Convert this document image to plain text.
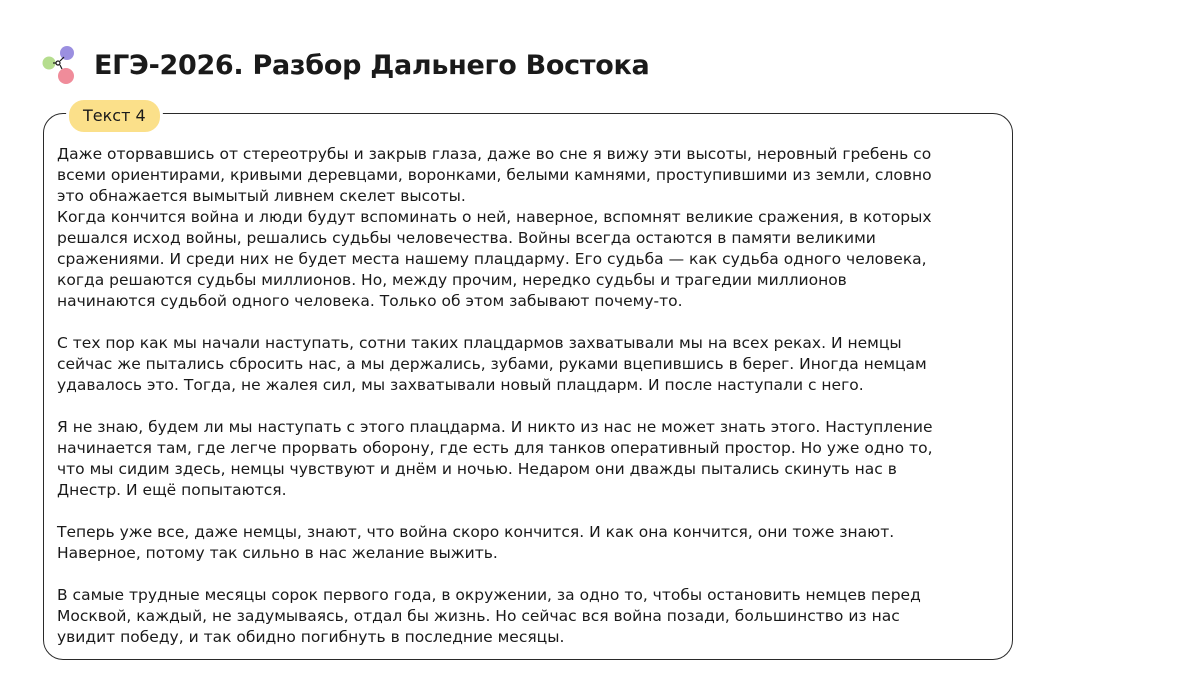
ЕГЭ-2026. Разбор Дальнего Востока
Текст 4

Даже оторвавшись от стереотрубы и закрыв глаза, даже во сне я вижу эти высоты, неровный гребень со
всеми ориентирами, кривыми деревцами, воронками, белыми камнями, проступившими из земли, словно
это обнажается вымытый ливнем скелет высоты.
Когда кончится война и люди будут вспоминать о ней, наверное, вспомнят великие сражения, в которых
решался исход войны, решались судьбы человечества. Войны всегда остаются в памяти великими
сражениями. И среди них не будет места нашему плацдарму. Его судьба — как судьба одного человека,
когда решаются судьбы миллионов. Но, между прочим, нередко судьбы и трагедии миллионов
начинаются судьбой одного человека. Только об этом забывают почему-то.

С тех пор как мы начали наступать, сотни таких плацдармов захватывали мы на всех реках. И немцы
сейчас же пытались сбросить нас, а мы держались, зубами, руками вцепившись в берег. Иногда немцам
удавалось это. Тогда, не жалея сил, мы захватывали новый плацдарм. И после наступали с него.

Я не знаю, будем ли мы наступать с этого плацдарма. И никто из нас не может знать этого. Наступление
начинается там, где легче прорвать оборону, где есть для танков оперативный простор. Но уже одно то,
что мы сидим здесь, немцы чувствуют и днём и ночью. Недаром они дважды пытались скинуть нас в
Днестр. И ещё попытаются.

Теперь уже все, даже немцы, знают, что война скоро кончится. И как она кончится, они тоже знают.
Наверное, потому так сильно в нас желание выжить.

В самые трудные месяцы сорок первого года, в окружении, за одно то, чтобы остановить немцев перед
Москвой, каждый, не задумываясь, отдал бы жизнь. Но сейчас вся война позади, большинство из нас
увидит победу, и так обидно погибнуть в последние месяцы.
